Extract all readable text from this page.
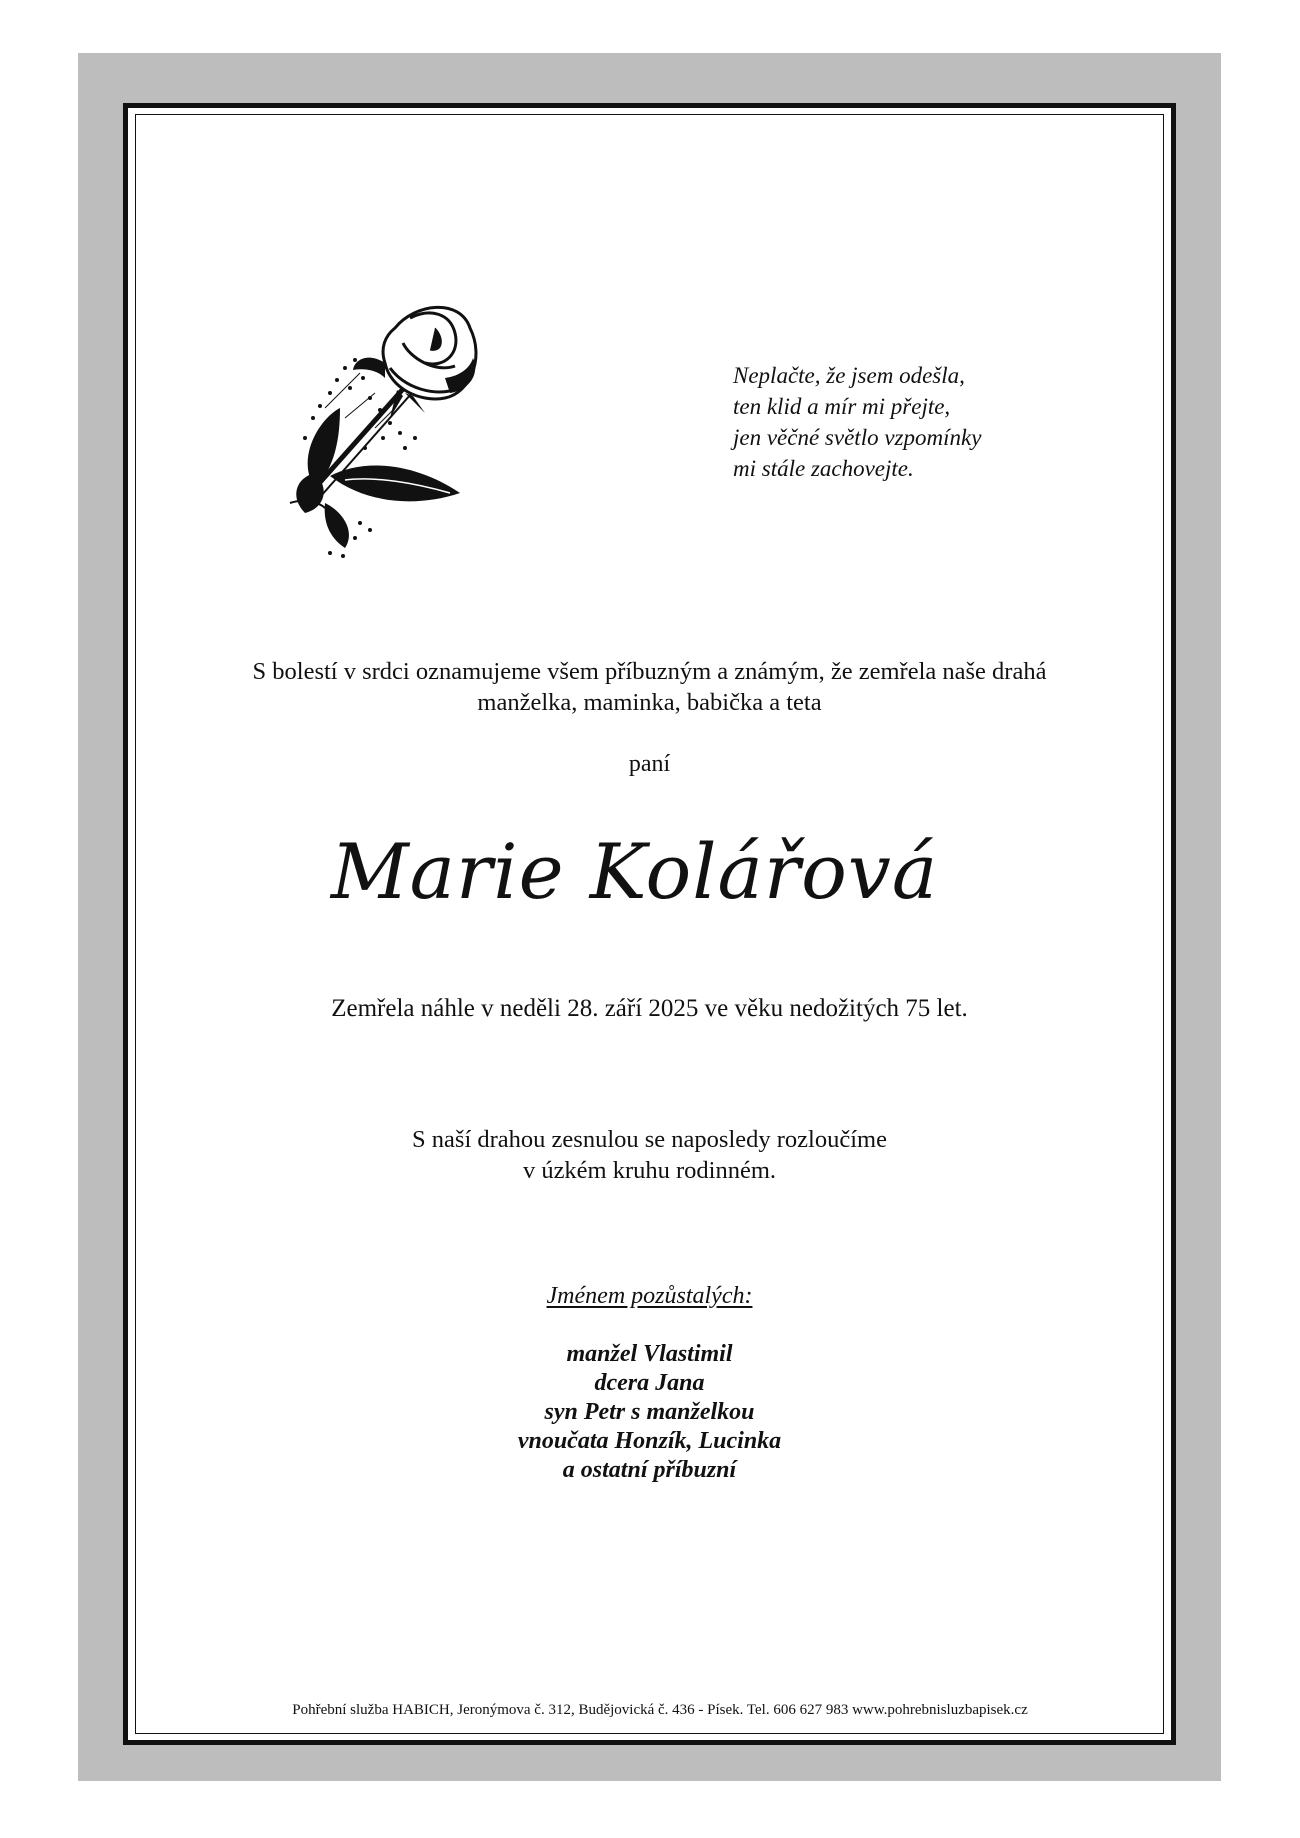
Neplačte, že jsem odešla,
ten klid a mír mi přejte,
jen věčné světlo vzpomínky
mi stále zachovejte.
S bolestí v srdci oznamujeme všem příbuzným a známým, že zemřela naše drahá
manželka, maminka, babička a teta
paní
Marie Kolářová
Zemřela náhle v neděli 28. září 2025 ve věku nedožitých 75 let.
S naší drahou zesnulou se naposledy rozloučíme
v úzkém kruhu rodinném.
Jménem pozůstalých:
manžel Vlastimil
dcera Jana
syn Petr s manželkou
vnoučata Honzík, Lucinka
a ostatní příbuzní
Pohřební služba HABICH, Jeronýmova č. 312, Budějovická č. 436 - Písek. Tel. 606 627 983 www.pohrebnisluzbapisek.cz
